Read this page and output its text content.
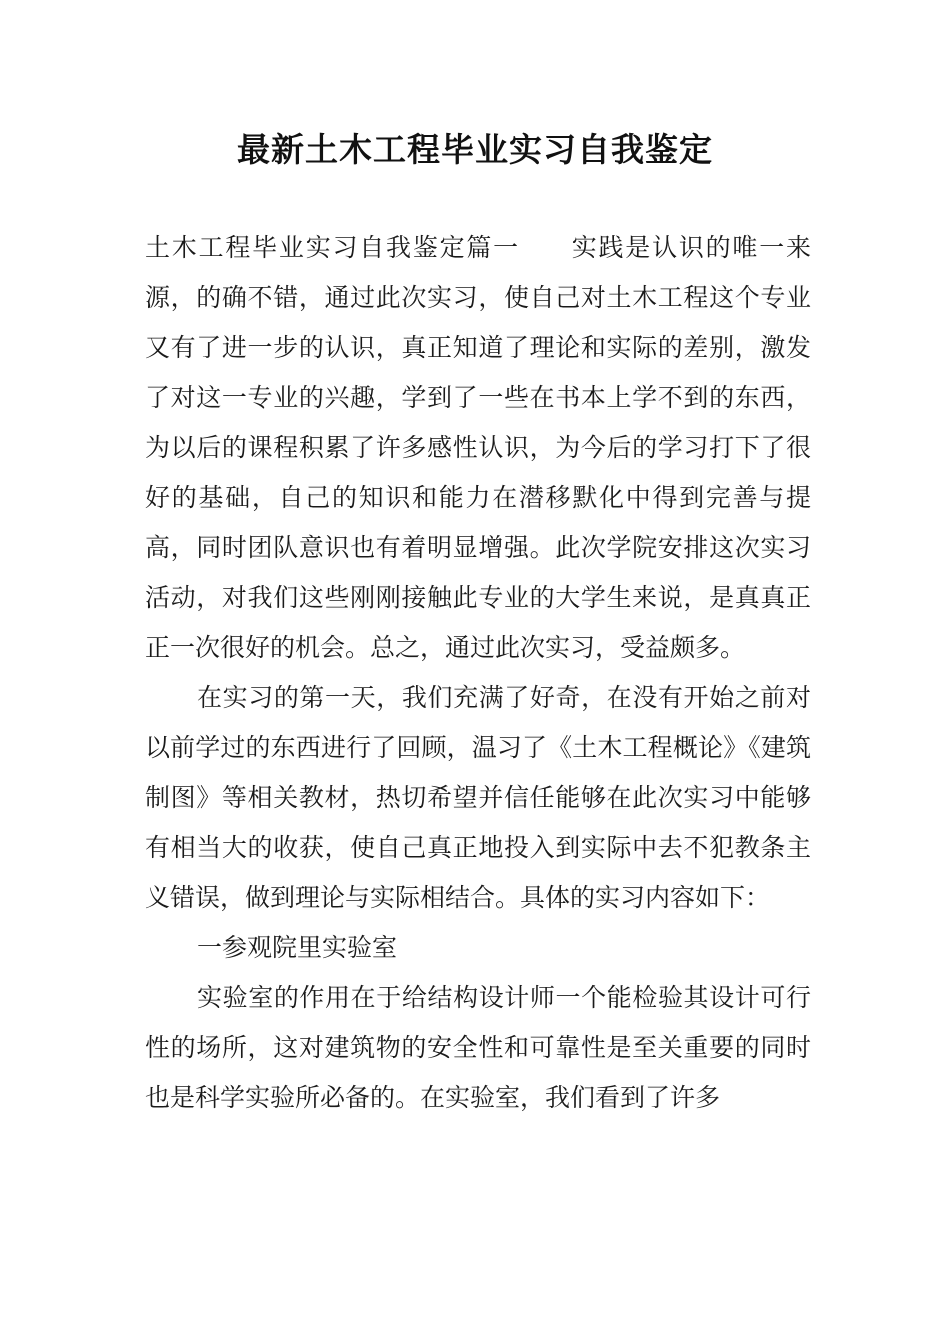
最新土木工程毕业实习自我鉴定

土木工程毕业实习自我鉴定篇一 实践是认识的唯一来源，的确不错，通过此次实习，使自己对土木工程这个专业又有了进一步的认识，真正知道了理论和实际的差别，激发了对这一专业的兴趣，学到了一些在书本上学不到的东西，为以后的课程积累了许多感性认识，为今后的学习打下了很好的基础，自己的知识和能力在潜移默化中得到完善与提高，同时团队意识也有着明显增强。此次学院安排这次实习活动，对我们这些刚刚接触此专业的大学生来说，是真真正正一次很好的机会。总之，通过此次实习，受益颇多。

在实习的第一天，我们充满了好奇，在没有开始之前对以前学过的东西进行了回顾，温习了《土木工程概论》《建筑制图》等相关教材，热切希望并信任能够在此次实习中能够有相当大的收获，使自己真正地投入到实际中去不犯教条主义错误，做到理论与实际相结合。具体的实习内容如下：

一参观院里实验室

实验室的作用在于给结构设计师一个能检验其设计可行性的场所，这对建筑物的安全性和可靠性是至关重要的同时也是科学实验所必备的。在实验室，我们看到了许多
